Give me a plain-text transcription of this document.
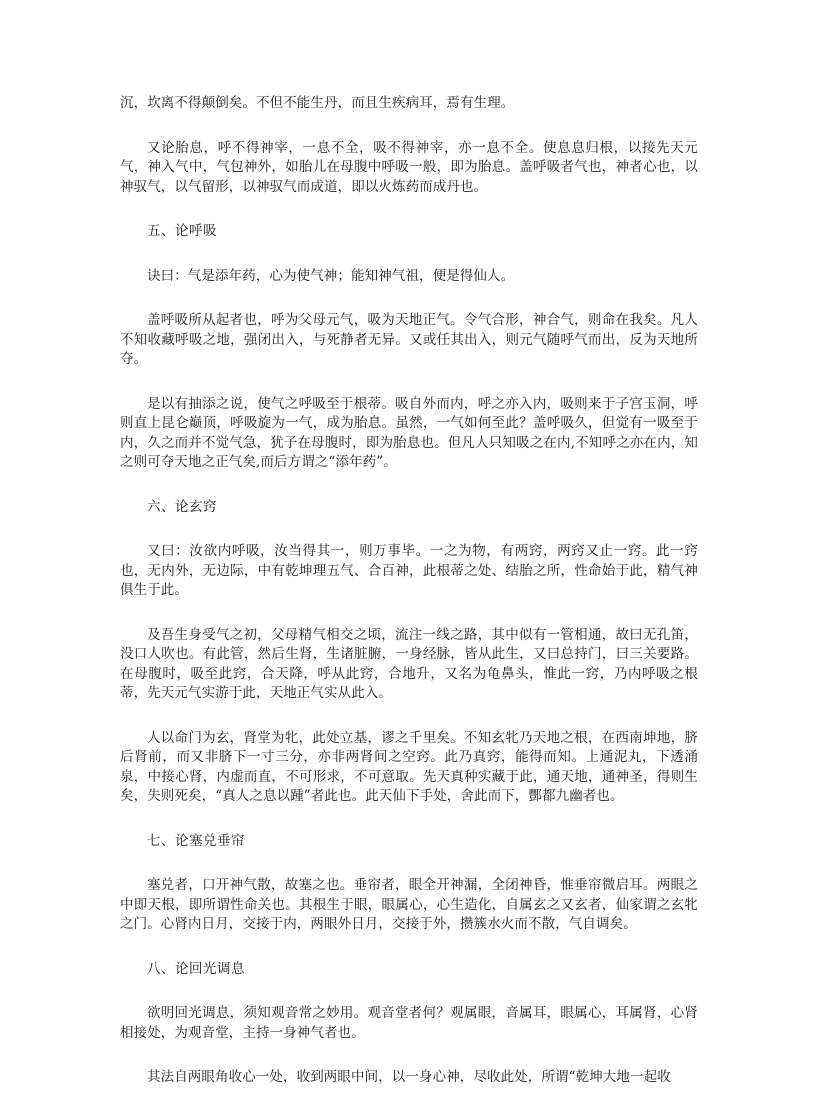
沉，坎离不得颠倒矣。不但不能生丹，而且生疾病耳，焉有生理。

又论胎息，呼不得神宰，一息不全，吸不得神宰，亦一息不全。使息息归根，以接先天元气，神入气中，气包神外，如胎儿在母腹中呼吸一般，即为胎息。盖呼吸者气也，神者心也，以神驭气，以气留形，以神驭气而成道，即以火炼药而成丹也。

五、论呼吸

诀曰：气是添年药，心为使气神；能知神气祖，便是得仙人。

盖呼吸所从起者也，呼为父母元气，吸为天地正气。令气合形，神合气，则命在我矣。凡人不知收藏呼吸之地，强闭出入，与死静者无异。又或任其出入，则元气随呼气而出，反为天地所夺。

是以有抽添之说，使气之呼吸至于根蒂。吸自外而内，呼之亦入内，吸则来于子宫玉洞，呼则直上昆仑巅顶，呼吸旋为一气，成为胎息。虽然，一气如何至此？盖呼吸久，但觉有一吸至于内，久之而并不觉气急，犹子在母腹时，即为胎息也。但凡人只知吸之在内,不知呼之亦在内，知之则可夺天地之正气矣,而后方谓之“添年药”。

六、论玄窍

又曰：汝欲内呼吸，汝当得其一，则万事毕。一之为物，有两窍，两窍又止一窍。此一窍也，无内外，无边际，中有乾坤理五气、合百神，此根蒂之处、结胎之所，性命始于此，精气神俱生于此。

及吾生身受气之初，父母精气相交之顷，流注一线之路，其中似有一管相通，故曰无孔笛，没口人吹也。有此管，然后生肾，生诸脏腑，一身经脉，皆从此生，又曰总持门，曰三关要路。在母腹时，吸至此窍，合天降，呼从此窍，合地升，又名为龟鼻头，惟此一窍，乃内呼吸之根蒂，先天元气实游于此，天地正气实从此入。

人以命门为玄，肾堂为牝，此处立基，谬之千里矣。不知玄牝乃天地之根，在西南坤地，脐后肾前，而又非脐下一寸三分，亦非两肾间之空窍。此乃真窍，能得而知。上通泥丸，下透涌泉，中接心肾，内虚而直，不可形求，不可意取。先天真种实藏于此，通天地，通神圣，得则生矣，失则死矣，“真人之息以踵”者此也。此天仙下手处，舍此而下，酆都九幽者也。

七、论塞兑垂帘

塞兑者，口开神气散，故塞之也。垂帘者，眼全开神漏，全闭神昏，惟垂帘微启耳。两眼之中即天根，即所谓性命关也。其根生于眼，眼属心，心生造化，自属玄之又玄者，仙家谓之玄牝之门。心肾内日月，交接于内，两眼外日月，交接于外，攒簇水火而不散，气自调矣。

八、论回光调息

欲明回光调息，须知观音常之妙用。观音堂者何？观属眼，音属耳，眼属心，耳属肾，心肾相接处，为观音堂，主持一身神气者也。

其法自两眼角收心一处，收到两眼中间，以一身心神，尽收此处，所谓“乾坤大地一起收
